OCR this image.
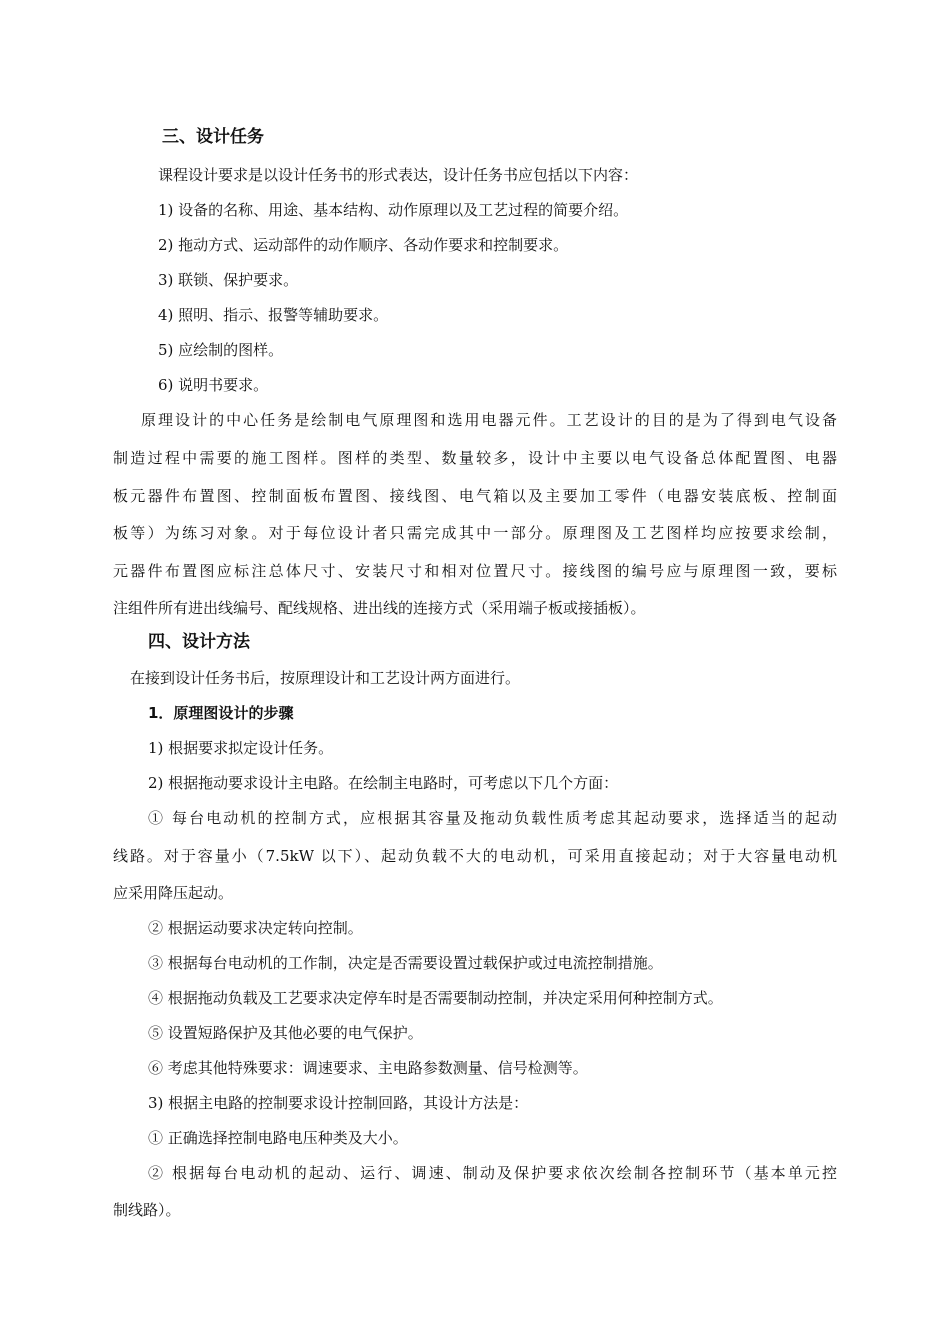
三、设计任务
课程设计要求是以设计任务书的形式表达，设计任务书应包括以下内容：
1) 设备的名称、用途、基本结构、动作原理以及工艺过程的简要介绍。
2) 拖动方式、运动部件的动作顺序、各动作要求和控制要求。
3) 联锁、保护要求。
4) 照明、指示、报警等辅助要求。
5) 应绘制的图样。
6) 说明书要求。
原理设计的中心任务是绘制电气原理图和选用电器元件。工艺设计的目的是为了得到电气设备
制造过程中需要的施工图样。图样的类型、数量较多，设计中主要以电气设备总体配置图、电器
板元器件布置图、控制面板布置图、接线图、电气箱以及主要加工零件（电器安装底板、控制面
板等）为练习对象。对于每位设计者只需完成其中一部分。原理图及工艺图样均应按要求绘制，
元器件布置图应标注总体尺寸、安装尺寸和相对位置尺寸。接线图的编号应与原理图一致，要标
注组件所有进出线编号、配线规格、进出线的连接方式（采用端子板或接插板）。
四、设计方法
在接到设计任务书后，按原理设计和工艺设计两方面进行。
1．原理图设计的步骤
1) 根据要求拟定设计任务。
2) 根据拖动要求设计主电路。在绘制主电路时，可考虑以下几个方面：
① 每台电动机的控制方式，应根据其容量及拖动负载性质考虑其起动要求，选择适当的起动
线路。对于容量小（7.5kW 以下）、起动负载不大的电动机，可采用直接起动；对于大容量电动机
应采用降压起动。
② 根据运动要求决定转向控制。
③ 根据每台电动机的工作制，决定是否需要设置过载保护或过电流控制措施。
④ 根据拖动负载及工艺要求决定停车时是否需要制动控制，并决定采用何种控制方式。
⑤ 设置短路保护及其他必要的电气保护。
⑥ 考虑其他特殊要求：调速要求、主电路参数测量、信号检测等。
3) 根据主电路的控制要求设计控制回路，其设计方法是：
① 正确选择控制电路电压种类及大小。
② 根据每台电动机的起动、运行、调速、制动及保护要求依次绘制各控制环节（基本单元控
制线路）。
